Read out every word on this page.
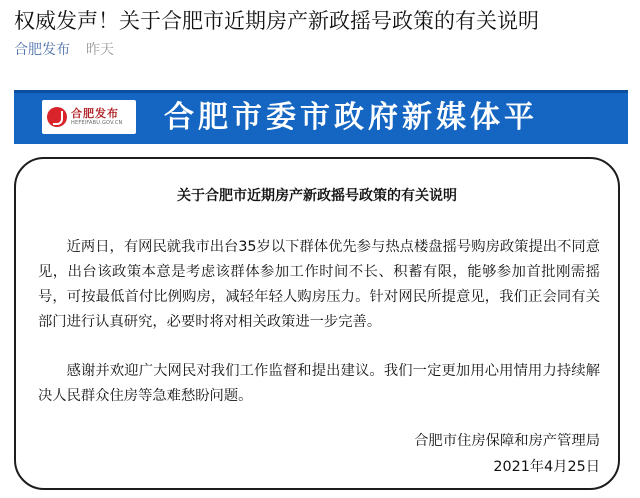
权威发声！关于合肥市近期房产新政摇号政策的有关说明
合肥发布 昨天
合肥发布
HEFEIFABU.GOV.CN 合肥市委市政府新媒体平
关于合肥市近期房产新政摇号政策的有关说明

近两日，有网民就我市出台35岁以下群体优先参与热点楼盘摇号购房政策提出不同意见，出台该政策本意是考虑该群体参加工作时间不长、积蓄有限，能够参加首批刚需摇号，可按最低首付比例购房，减轻年轻人购房压力。针对网民所提意见，我们正会同有关部门进行认真研究，必要时将对相关政策进一步完善。

感谢并欢迎广大网民对我们工作监督和提出建议。我们一定更加用心用情用力持续解决人民群众住房等急难愁盼问题。

合肥市住房保障和房产管理局
2021年4月25日
